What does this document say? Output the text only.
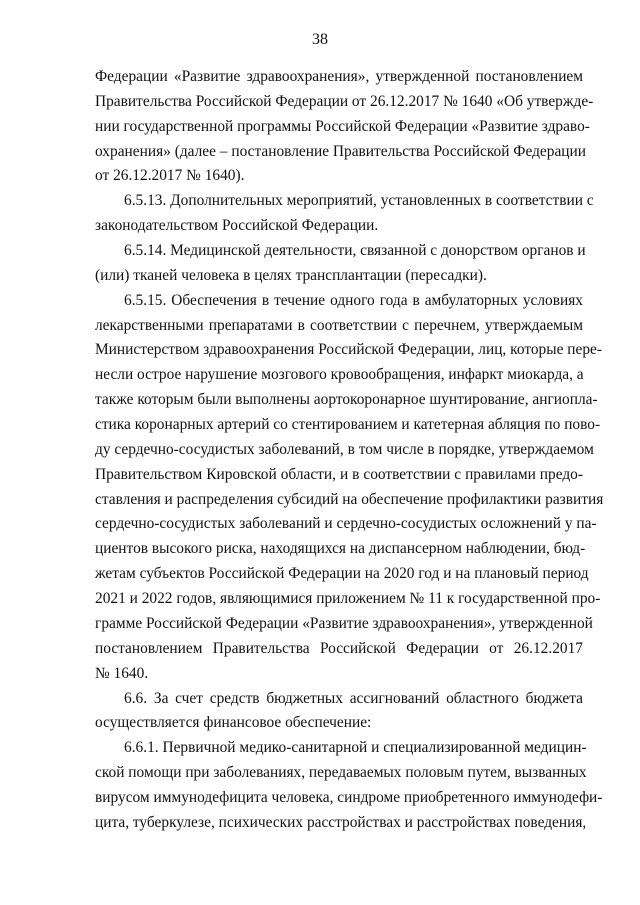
38
Федерации «Развитие здравоохранения», утвержденной постановлением
Правительства Российской Федерации от 26.12.2017 № 1640 «Об утвержде-
нии государственной программы Российской Федерации «Развитие здраво-
охранения» (далее – постановление Правительства Российской Федерации
от 26.12.2017 № 1640).
6.5.13. Дополнительных мероприятий, установленных в соответствии с
законодательством Российской Федерации.
6.5.14. Медицинской деятельности, связанной с донорством органов и
(или) тканей человека в целях трансплантации (пересадки).
6.5.15. Обеспечения в течение одного года в амбулаторных условиях
лекарственными препаратами в соответствии с перечнем, утверждаемым
Министерством здравоохранения Российской Федерации, лиц, которые пере-
несли острое нарушение мозгового кровообращения, инфаркт миокарда, а
также которым были выполнены аортокоронарное шунтирование, ангиопла-
стика коронарных артерий со стентированием и катетерная абляция по пово-
ду сердечно-сосудистых заболеваний, в том числе в порядке, утверждаемом
Правительством Кировской области, и в соответствии с правилами предо-
ставления и распределения субсидий на обеспечение профилактики развития
сердечно-сосудистых заболеваний и сердечно-сосудистых осложнений у па-
циентов высокого риска, находящихся на диспансерном наблюдении, бюд-
жетам субъектов Российской Федерации на 2020 год и на плановый период
2021 и 2022 годов, являющимися приложением № 11 к государственной про-
грамме Российской Федерации «Развитие здравоохранения», утвержденной
постановлением Правительства Российской Федерации от 26.12.2017
№ 1640.
6.6. За счет средств бюджетных ассигнований областного бюджета
осуществляется финансовое обеспечение:
6.6.1. Первичной медико-санитарной и специализированной медицин-
ской помощи при заболеваниях, передаваемых половым путем, вызванных
вирусом иммунодефицита человека, синдроме приобретенного иммунодефи-
цита, туберкулезе, психических расстройствах и расстройствах поведения,
